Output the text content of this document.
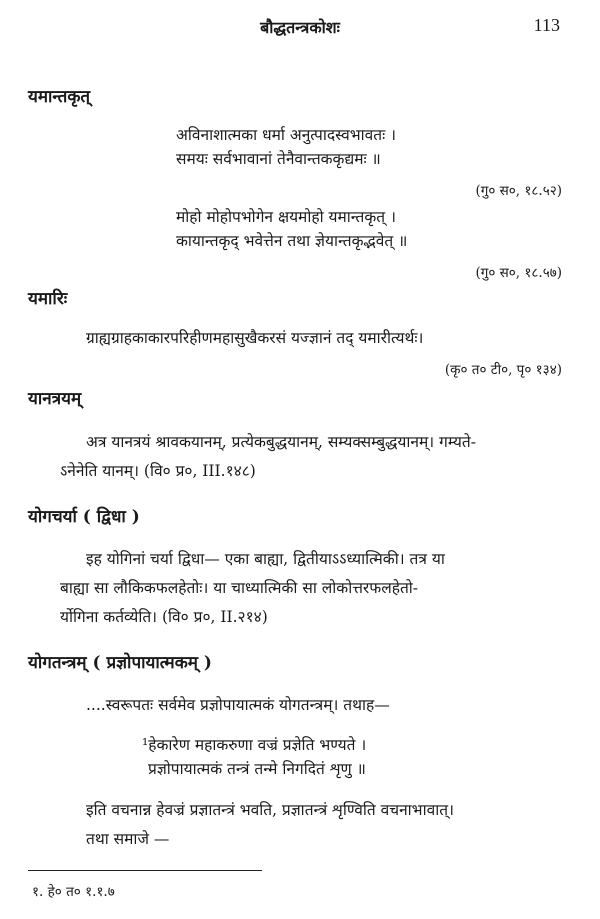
बौद्धतन्त्रकोशः	113
यमान्तकृत्
अविनाशात्मका धर्मा अनुत्पादस्वभावतः ।
समयः सर्वभावानां तेनैवान्तककृद्यमः ॥
(गु० स०, १८.५२)
मोहो मोहोपभोगेन क्षयमोहो यमान्तकृत् ।
कायान्तकृद् भवेत्तेन तथा ज्ञेयान्तकृद्भवेत् ॥
(गु० स०, १८.५७)
यमारिः
ग्राह्यग्राहकाकारपरिहीणमहासुखैकरसं यज्ज्ञानं तद् यमारीत्यर्थः।
(कृ० त० टी०, पृ० १३४)
यानत्रयम्
अत्र यानत्रयं श्रावकयानम्, प्रत्येकबुद्धयानम्, सम्यक्सम्बुद्धयानम्। गम्यते-
ऽनेनेति यानम्। (वि० प्र०, III.१४८)
योगचर्या ( द्विधा )
इह योगिनां चर्या द्विधा— एका बाह्या, द्वितीयाऽऽध्यात्मिकी। तत्र या
बाह्या सा लौकिकफलहेतोः। या चाध्यात्मिकी सा लोकोत्तरफलहेतो-
र्योगिना कर्तव्येति। (वि० प्र०, II.२१४)
योगतन्त्रम् ( प्रज्ञोपायात्मकम् )
....स्वरूपतः सर्वमेव प्रज्ञोपायात्मकं योगतन्त्रम्। तथाह—
¹हेकारेण महाकरुणा वज्रं प्रज्ञेति भण्यते ।
प्रज्ञोपायात्मकं तन्त्रं तन्मे निगदितं शृणु ॥
इति वचनान्न हेवज्रं प्रज्ञातन्त्रं भवति, प्रज्ञातन्त्रं शृण्विति वचनाभावात्।
तथा समाजे —
१. हे० त० १.१.७
